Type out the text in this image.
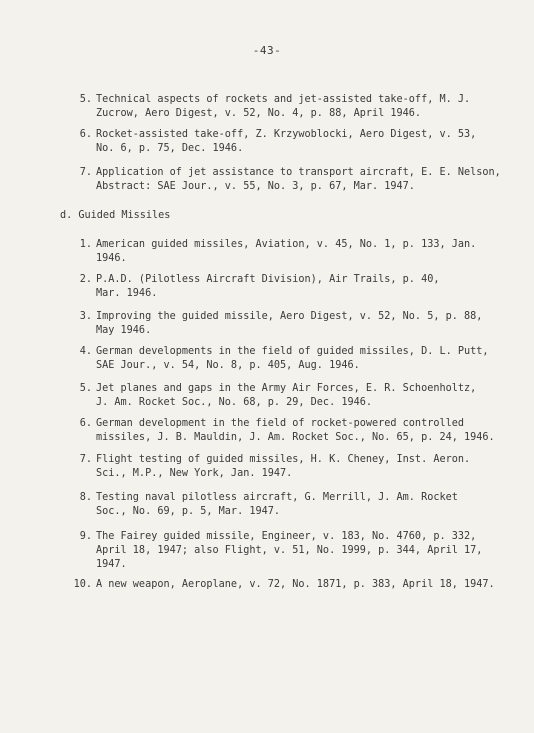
-43-
5. Technical aspects of rockets and jet-assisted take-off, M. J.
Zucrow, Aero Digest, v. 52, No. 4, p. 88, April 1946.
6. Rocket-assisted take-off, Z. Krzywoblocki, Aero Digest, v. 53,
No. 6, p. 75, Dec. 1946.
7. Application of jet assistance to transport aircraft, E. E. Nelson,
Abstract: SAE Jour., v. 55, No. 3, p. 67, Mar. 1947.
d. Guided Missiles
1. American guided missiles, Aviation, v. 45, No. 1, p. 133, Jan.
1946.
2. P.A.D. (Pilotless Aircraft Division), Air Trails, p. 40,
Mar. 1946.
3. Improving the guided missile, Aero Digest, v. 52, No. 5, p. 88,
May 1946.
4. German developments in the field of guided missiles, D. L. Putt,
SAE Jour., v. 54, No. 8, p. 405, Aug. 1946.
5. Jet planes and gaps in the Army Air Forces, E. R. Schoenholtz,
J. Am. Rocket Soc., No. 68, p. 29, Dec. 1946.
6. German development in the field of rocket-powered controlled
missiles, J. B. Mauldin, J. Am. Rocket Soc., No. 65, p. 24, 1946.
7. Flight testing of guided missiles, H. K. Cheney, Inst. Aeron.
Sci., M.P., New York, Jan. 1947.
8. Testing naval pilotless aircraft, G. Merrill, J. Am. Rocket
Soc., No. 69, p. 5, Mar. 1947.
9. The Fairey guided missile, Engineer, v. 183, No. 4760, p. 332,
April 18, 1947; also Flight, v. 51, No. 1999, p. 344, April 17,
1947.
10. A new weapon, Aeroplane, v. 72, No. 1871, p. 383, April 18, 1947.
